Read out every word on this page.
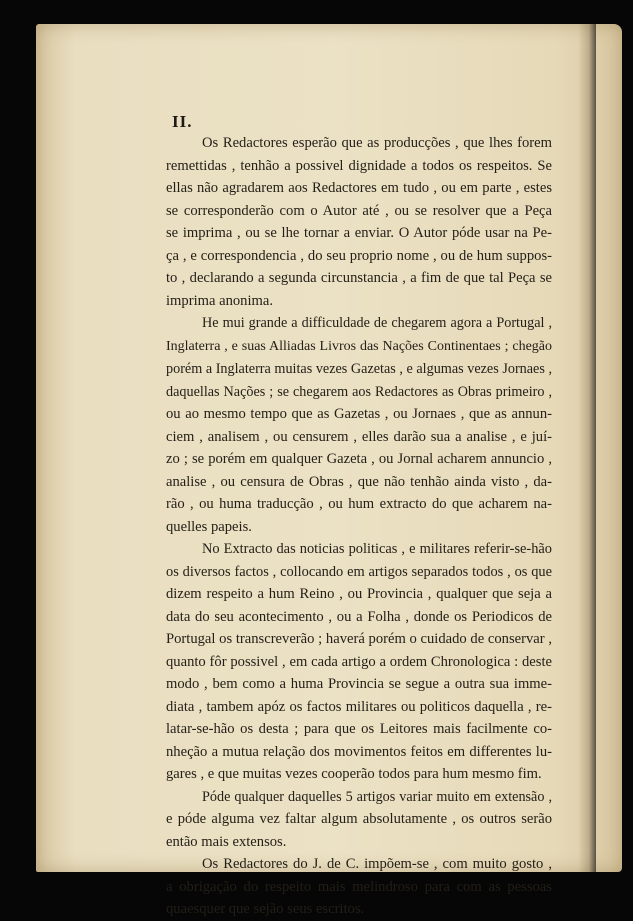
II.
Os Redactores esperão que as producções , que lhes forem
remettidas , tenhão a possivel dignidade a todos os respeitos. Se
ellas não agradarem aos Redactores em tudo , ou em parte , estes
se corresponderão com o Autor até , ou se resolver que a Peça
se imprima , ou se lhe tornar a enviar. O Autor póde usar na Pe-
ça , e correspondencia , do seu proprio nome , ou de hum suppos-
to , declarando a segunda circunstancia , a fim de que tal Peça se
imprima anonima.
He mui grande a difficuldade de chegarem agora a Portugal ,
Inglaterra , e suas Alliadas Livros das Nações Continentaes ; chegão
porém a Inglaterra muitas vezes Gazetas , e algumas vezes Jornaes ,
daquellas Nações ; se chegarem aos Redactores as Obras primeiro ,
ou ao mesmo tempo que as Gazetas , ou Jornaes , que as annun-
ciem , analisem , ou censurem , elles darão sua a analise , e juí-
zo ; se porém em qualquer Gazeta , ou Jornal acharem annuncio ,
analise , ou censura de Obras , que não tenhão ainda visto , da-
rão , ou huma traducção , ou hum extracto do que acharem na-
quelles papeis.
No Extracto das noticias politicas , e militares referir-se-hão
os diversos factos , collocando em artigos separados todos , os que
dizem respeito a hum Reino , ou Provincia , qualquer que seja a
data do seu acontecimento , ou a Folha , donde os Periodicos de
Portugal os transcreverão ; haverá porém o cuidado de conservar ,
quanto fôr possivel , em cada artigo a ordem Chronologica : deste
modo , bem como a huma Provincia se segue a outra sua imme-
diata , tambem apóz os factos militares ou politicos daquella , re-
latar-se-hão os desta ; para que os Leitores mais facilmente co-
nheção a mutua relação dos movimentos feitos em differentes lu-
gares , e que muitas vezes cooperão todos para hum mesmo fim.
Póde qualquer daquelles 5 artigos variar muito em extensão ,
e póde alguma vez faltar algum absolutamente , os outros serão
então mais extensos.
Os Redactores do J. de C. impõem-se , com muito gosto ,
a obrigação do respeito mais melindroso para com as pessoas
quaesquer que sejão seus escritos.
